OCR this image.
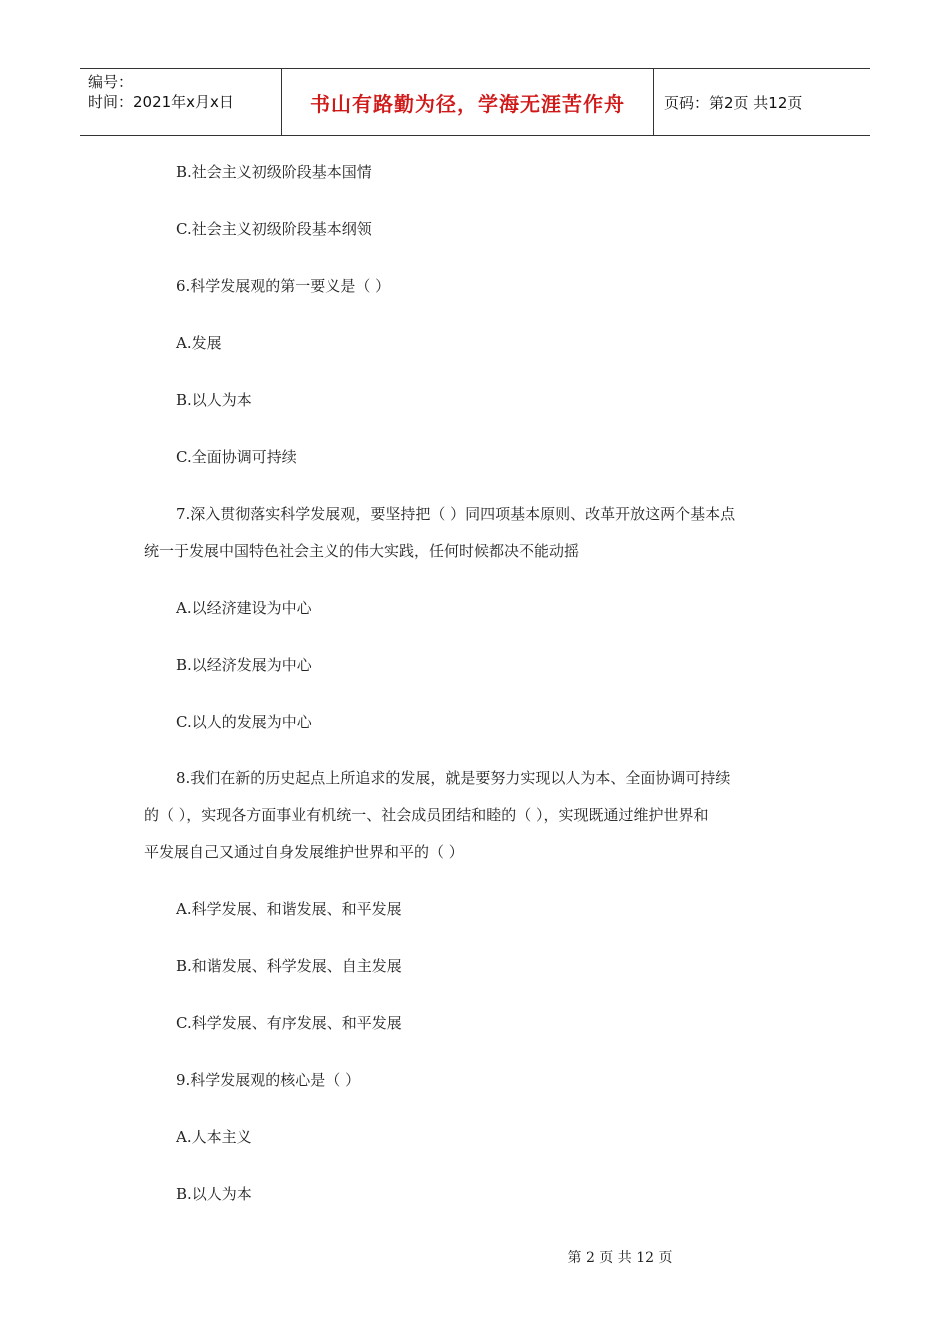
编号：
时间：2021年x月x日	书山有路勤为径，学海无涯苦作舟	页码：第2页 共12页
B.社会主义初级阶段基本国情
C.社会主义初级阶段基本纲领
6.科学发展观的第一要义是（ ）
A.发展
B.以人为本
C.全面协调可持续
7.深入贯彻落实科学发展观，要坚持把（ ）同四项基本原则、改革开放这两个基本点
统一于发展中国特色社会主义的伟大实践，任何时候都决不能动摇
A.以经济建设为中心
B.以经济发展为中心
C.以人的发展为中心
8.我们在新的历史起点上所追求的发展，就是要努力实现以人为本、全面协调可持续
的（ ），实现各方面事业有机统一、社会成员团结和睦的（ ），实现既通过维护世界和
平发展自己又通过自身发展维护世界和平的（ ）
A.科学发展、和谐发展、和平发展
B.和谐发展、科学发展、自主发展
C.科学发展、有序发展、和平发展
9.科学发展观的核心是（ ）
A.人本主义
B.以人为本
第 2 页 共 12 页
